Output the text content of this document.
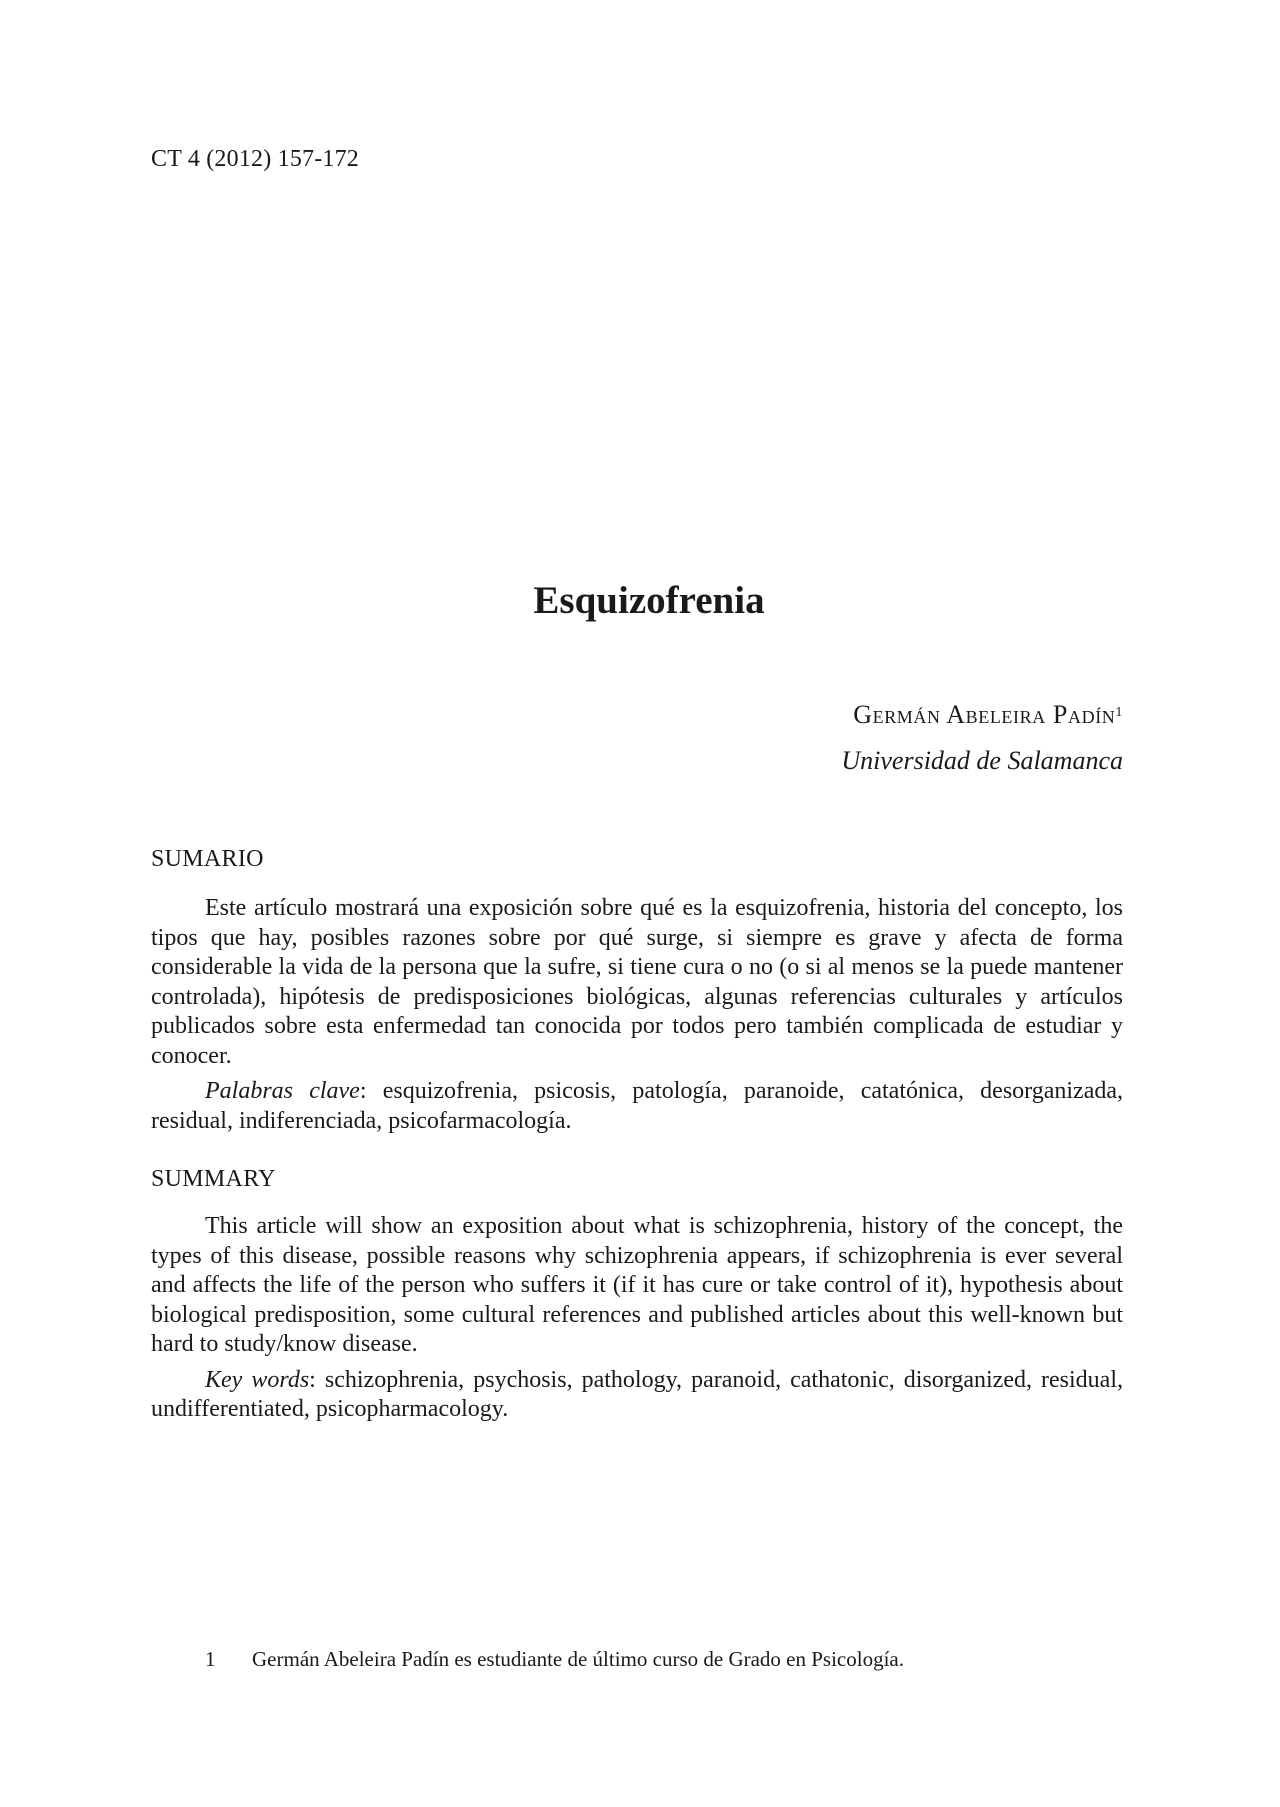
CT 4 (2012) 157-172
Esquizofrenia
Germán Abeleira Padín$^1$
Universidad de Salamanca
SUMARIO

Este artículo mostrará una exposición sobre qué es la esquizofrenia, historia del concepto, los tipos que hay, posibles razones sobre por qué surge, si siempre es grave y afecta de forma considerable la vida de la persona que la sufre, si tiene cura o no (o si al menos se la puede mantener controlada), hipótesis de predisposiciones biológicas, algunas referencias culturales y artículos publicados sobre esta enfermedad tan conocida por todos pero también complicada de estudiar y conocer.

Palabras clave: esquizofrenia, psicosis, patología, paranoide, catatónica, desorganizada, residual, indiferenciada, psicofarmacología.

SUMMARY

This article will show an exposition about what is schizophrenia, history of the concept, the types of this disease, possible reasons why schizophrenia appears, if schizophrenia is ever several and affects the life of the person who suffers it (if it has cure or take control of it), hypothesis about biological predisposition, some cultural references and published articles about this well-known but hard to study/know disease.

Key words: schizophrenia, psychosis, pathology, paranoid, cathatonic, disorganized, residual, undifferentiated, psicopharmacology.

1 Germán Abeleira Padín es estudiante de último curso de Grado en Psicología.
